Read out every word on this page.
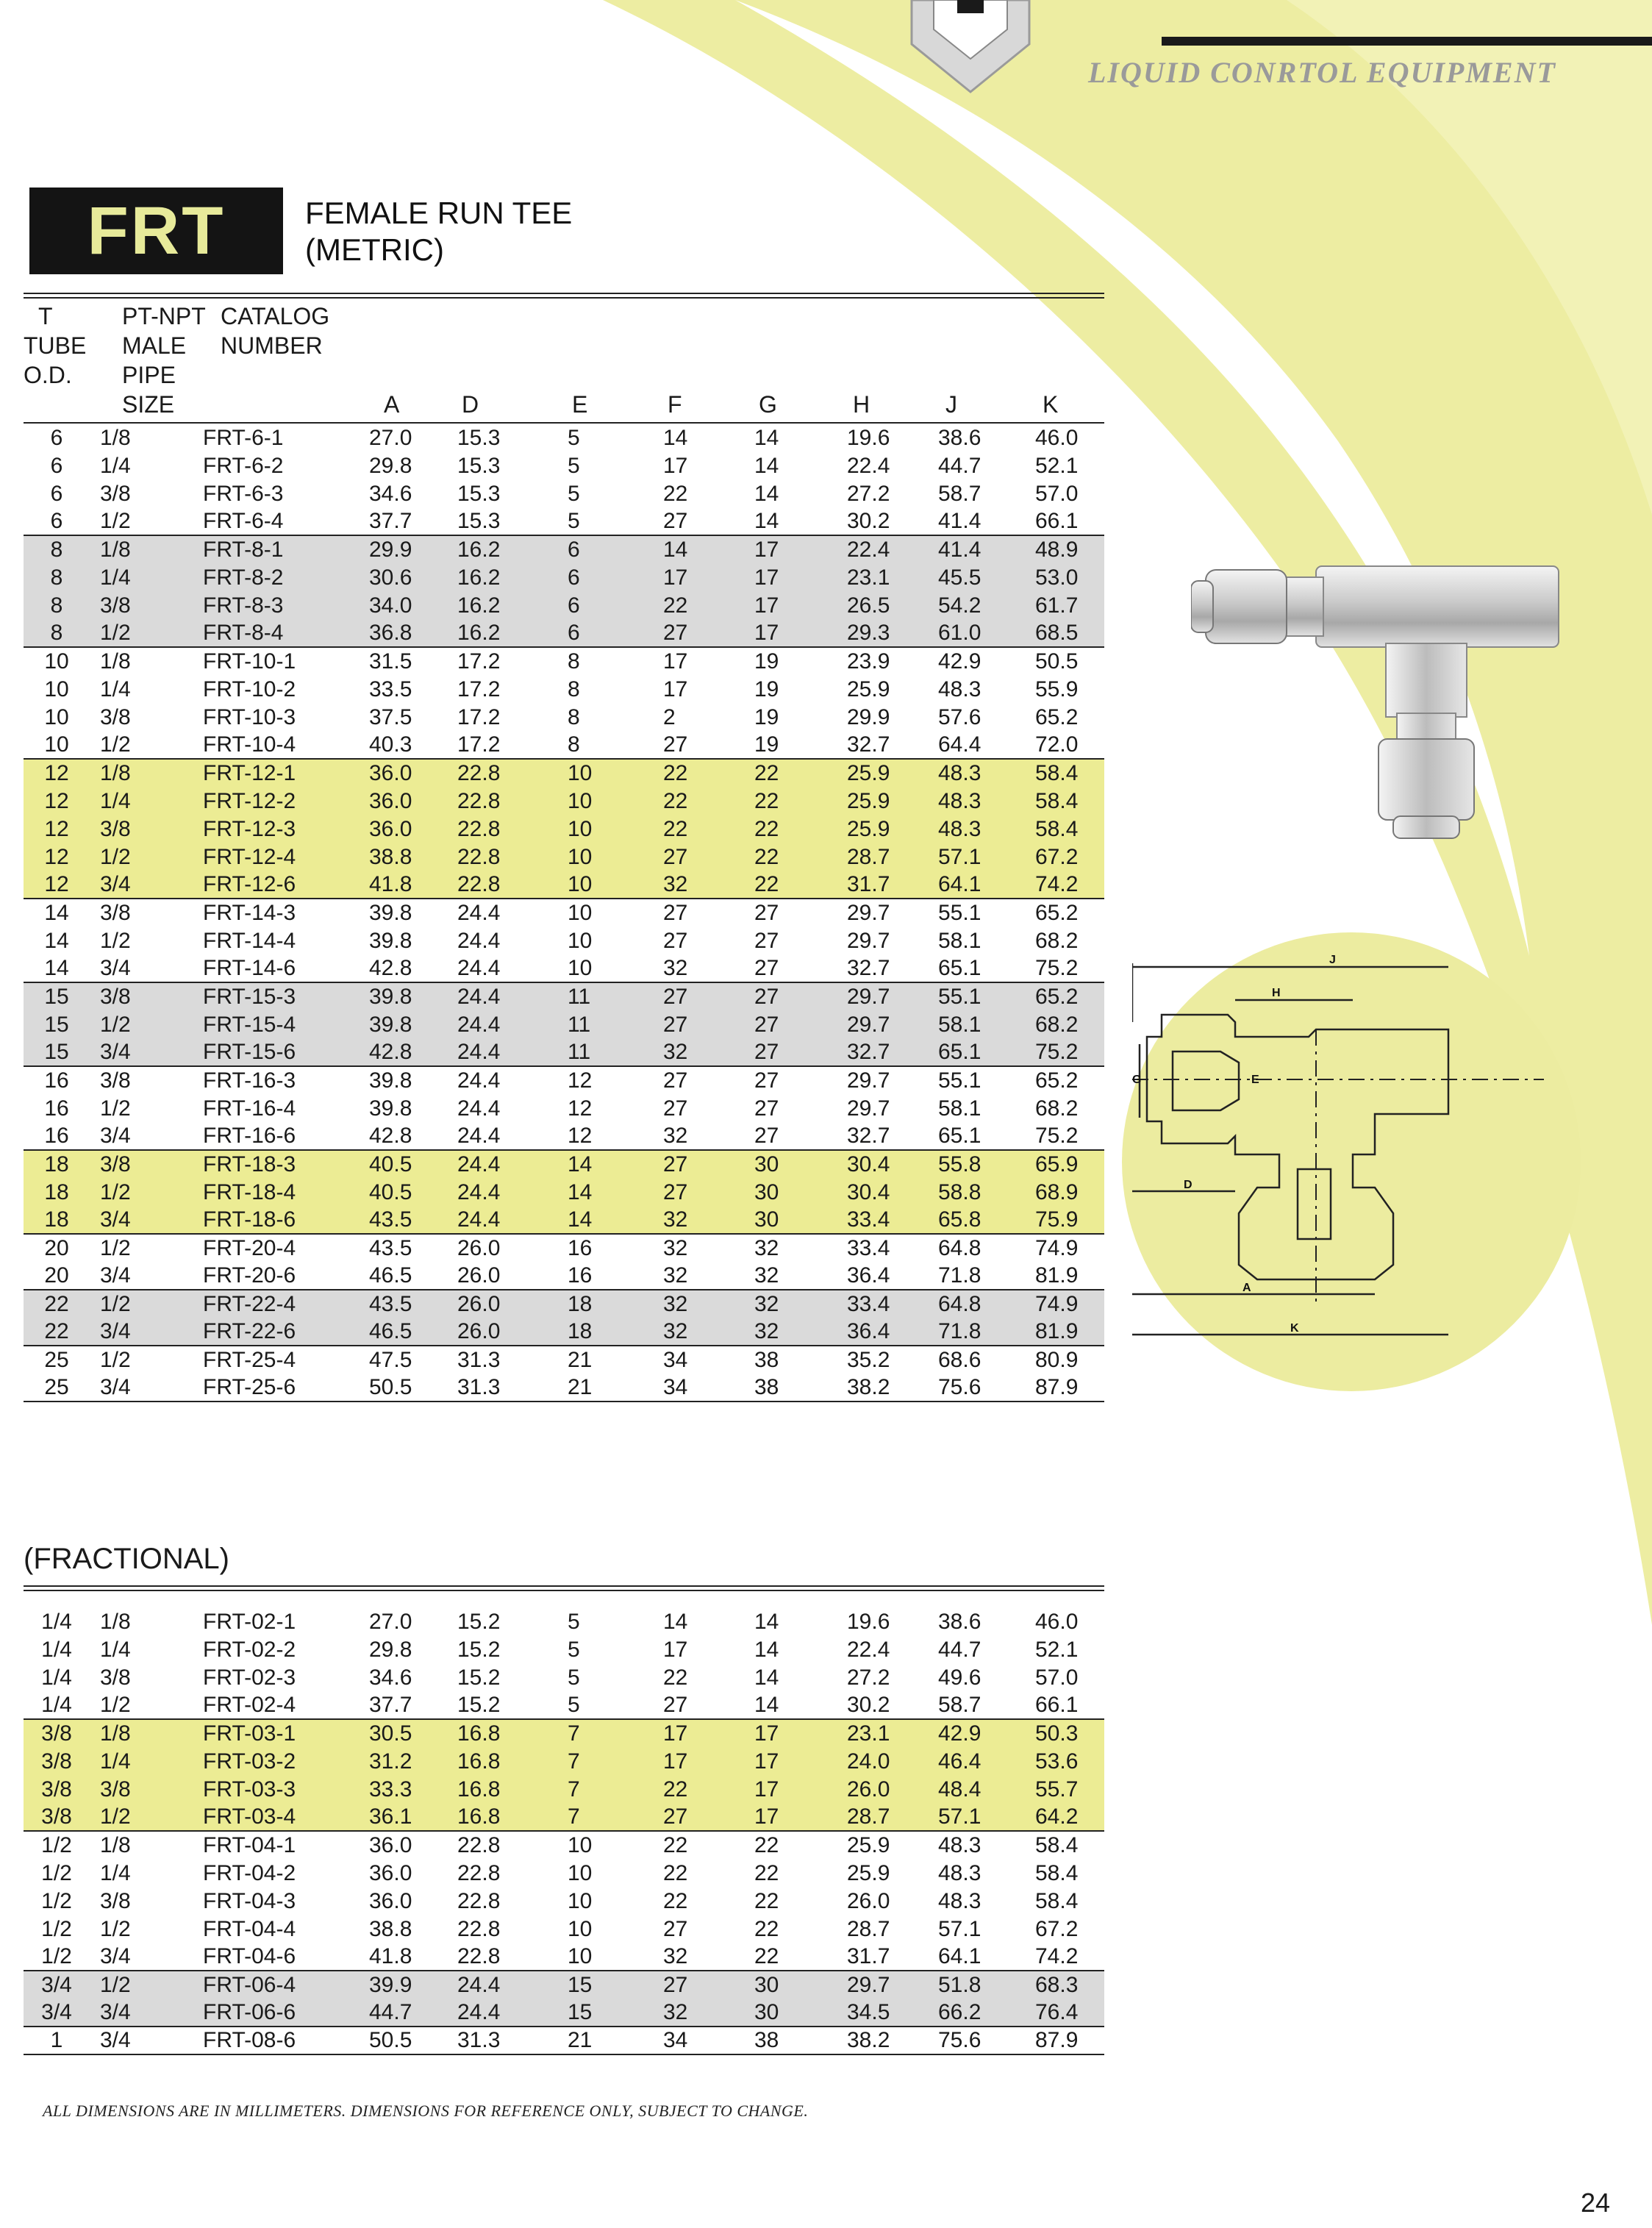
LIQUID CONRTOL EQUIPMENT
FRT	FEMALE RUN TEE
(METRIC)
T
TUBE
O.D.
PT-NPT
MALE
PIPE
SIZE
CATALOG
NUMBER
A	D	E	F	G	H	J	K
6	1/8	FRT-6-1	27.0	15.3	5	14	14	19.6	38.6	46.0
6	1/4	FRT-6-2	29.8	15.3	5	17	14	22.4	44.7	52.1
6	3/8	FRT-6-3	34.6	15.3	5	22	14	27.2	58.7	57.0
6	1/2	FRT-6-4	37.7	15.3	5	27	14	30.2	41.4	66.1
8	1/8	FRT-8-1	29.9	16.2	6	14	17	22.4	41.4	48.9
8	1/4	FRT-8-2	30.6	16.2	6	17	17	23.1	45.5	53.0
8	3/8	FRT-8-3	34.0	16.2	6	22	17	26.5	54.2	61.7
8	1/2	FRT-8-4	36.8	16.2	6	27	17	29.3	61.0	68.5
10	1/8	FRT-10-1	31.5	17.2	8	17	19	23.9	42.9	50.5
10	1/4	FRT-10-2	33.5	17.2	8	17	19	25.9	48.3	55.9
10	3/8	FRT-10-3	37.5	17.2	8	2	19	29.9	57.6	65.2
10	1/2	FRT-10-4	40.3	17.2	8	27	19	32.7	64.4	72.0
12	1/8	FRT-12-1	36.0	22.8	10	22	22	25.9	48.3	58.4
12	1/4	FRT-12-2	36.0	22.8	10	22	22	25.9	48.3	58.4
12	3/8	FRT-12-3	36.0	22.8	10	22	22	25.9	48.3	58.4
12	1/2	FRT-12-4	38.8	22.8	10	27	22	28.7	57.1	67.2
12	3/4	FRT-12-6	41.8	22.8	10	32	22	31.7	64.1	74.2
14	3/8	FRT-14-3	39.8	24.4	10	27	27	29.7	55.1	65.2
14	1/2	FRT-14-4	39.8	24.4	10	27	27	29.7	58.1	68.2
14	3/4	FRT-14-6	42.8	24.4	10	32	27	32.7	65.1	75.2
15	3/8	FRT-15-3	39.8	24.4	11	27	27	29.7	55.1	65.2
15	1/2	FRT-15-4	39.8	24.4	11	27	27	29.7	58.1	68.2
15	3/4	FRT-15-6	42.8	24.4	11	32	27	32.7	65.1	75.2
16	3/8	FRT-16-3	39.8	24.4	12	27	27	29.7	55.1	65.2
16	1/2	FRT-16-4	39.8	24.4	12	27	27	29.7	58.1	68.2
16	3/4	FRT-16-6	42.8	24.4	12	32	27	32.7	65.1	75.2
18	3/8	FRT-18-3	40.5	24.4	14	27	30	30.4	55.8	65.9
18	1/2	FRT-18-4	40.5	24.4	14	27	30	30.4	58.8	68.9
18	3/4	FRT-18-6	43.5	24.4	14	32	30	33.4	65.8	75.9
20	1/2	FRT-20-4	43.5	26.0	16	32	32	33.4	64.8	74.9
20	3/4	FRT-20-6	46.5	26.0	16	32	32	36.4	71.8	81.9
22	1/2	FRT-22-4	43.5	26.0	18	32	32	33.4	64.8	74.9
22	3/4	FRT-22-6	46.5	26.0	18	32	32	36.4	71.8	81.9
25	1/2	FRT-25-4	47.5	31.3	21	34	38	35.2	68.6	80.9
25	3/4	FRT-25-6	50.5	31.3	21	34	38	38.2	75.6	87.9
(FRACTIONAL)
1/4	1/8	FRT-02-1	27.0	15.2	5	14	14	19.6	38.6	46.0
1/4	1/4	FRT-02-2	29.8	15.2	5	17	14	22.4	44.7	52.1
1/4	3/8	FRT-02-3	34.6	15.2	5	22	14	27.2	49.6	57.0
1/4	1/2	FRT-02-4	37.7	15.2	5	27	14	30.2	58.7	66.1
3/8	1/8	FRT-03-1	30.5	16.8	7	17	17	23.1	42.9	50.3
3/8	1/4	FRT-03-2	31.2	16.8	7	17	17	24.0	46.4	53.6
3/8	3/8	FRT-03-3	33.3	16.8	7	22	17	26.0	48.4	55.7
3/8	1/2	FRT-03-4	36.1	16.8	7	27	17	28.7	57.1	64.2
1/2	1/8	FRT-04-1	36.0	22.8	10	22	22	25.9	48.3	58.4
1/2	1/4	FRT-04-2	36.0	22.8	10	22	22	25.9	48.3	58.4
1/2	3/8	FRT-04-3	36.0	22.8	10	22	22	26.0	48.3	58.4
1/2	1/2	FRT-04-4	38.8	22.8	10	27	22	28.7	57.1	67.2
1/2	3/4	FRT-04-6	41.8	22.8	10	32	22	31.7	64.1	74.2
3/4	1/2	FRT-06-4	39.9	24.4	15	27	30	29.7	51.8	68.3
3/4	3/4	FRT-06-6	44.7	24.4	15	32	30	34.5	66.2	76.4
1	3/4	FRT-08-6	50.5	31.3	21	34	38	38.2	75.6	87.9
ALL DIMENSIONS ARE IN MILLIMETERS. DIMENSIONS FOR REFERENCE ONLY, SUBJECT TO CHANGE.
J
H
G	E
D
A
K
24
